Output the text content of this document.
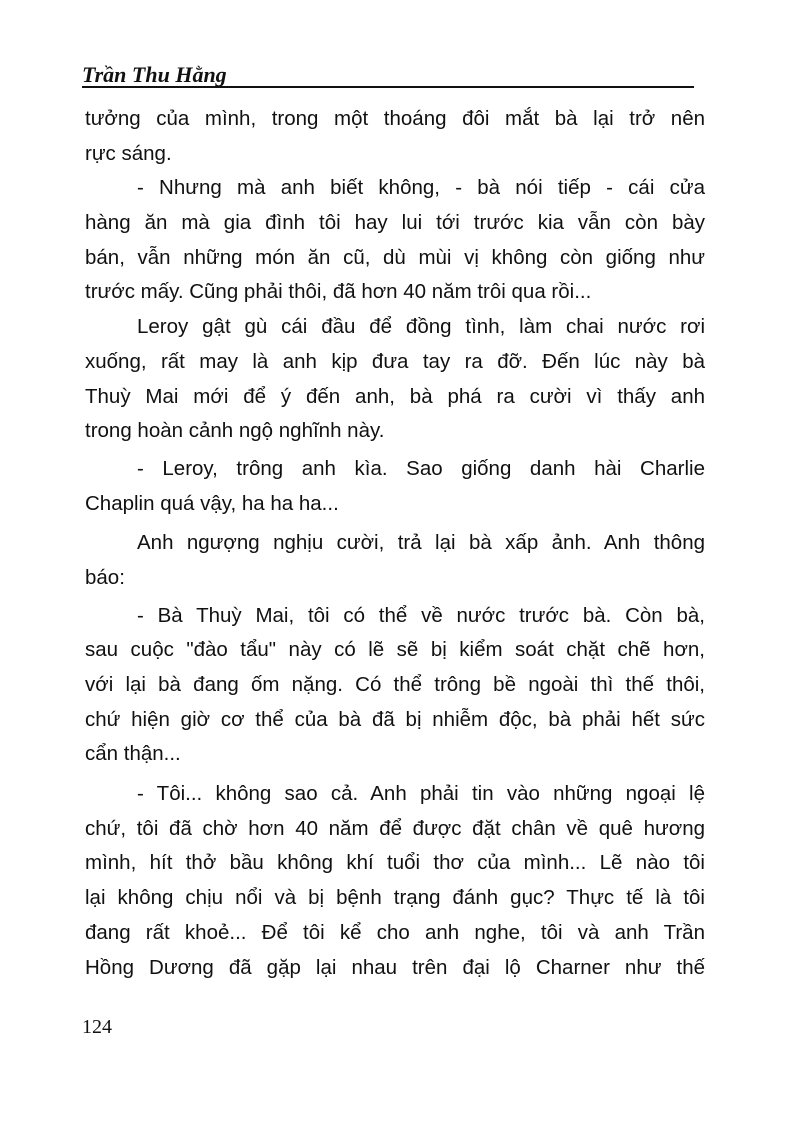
Trần Thu Hằng
tưởng của mình, trong một thoáng đôi mắt bà lại trở nên
rực sáng.
- Nhưng mà anh biết không, - bà nói tiếp - cái cửa
hàng ăn mà gia đình tôi hay lui tới trước kia vẫn còn bày
bán, vẫn những món ăn cũ, dù mùi vị không còn giống như
trước mấy. Cũng phải thôi, đã hơn 40 năm trôi qua rồi...
Leroy gật gù cái đầu để đồng tình, làm chai nước rơi
xuống, rất may là anh kịp đưa tay ra đỡ. Đến lúc này bà
Thuỳ Mai mới để ý đến anh, bà phá ra cười vì thấy anh
trong hoàn cảnh ngộ nghĩnh này.
- Leroy, trông anh kìa. Sao giống danh hài Charlie
Chaplin quá vậy, ha ha ha...
Anh ngượng nghịu cười, trả lại bà xấp ảnh. Anh thông
báo:
- Bà Thuỳ Mai, tôi có thể về nước trước bà. Còn bà,
sau cuộc "đào tẩu" này có lẽ sẽ bị kiểm soát chặt chẽ hơn,
với lại bà đang ốm nặng. Có thể trông bề ngoài thì thế thôi,
chứ hiện giờ cơ thể của bà đã bị nhiễm độc, bà phải hết sức
cẩn thận...
- Tôi... không sao cả. Anh phải tin vào những ngoại lệ
chứ, tôi đã chờ hơn 40 năm để được đặt chân về quê hương
mình, hít thở bầu không khí tuổi thơ của mình... Lẽ nào tôi
lại không chịu nổi và bị bệnh trạng đánh gục? Thực tế là tôi
đang rất khoẻ... Để tôi kể cho anh nghe, tôi và anh Trần
Hồng Dương đã gặp lại nhau trên đại lộ Charner như thế
124
